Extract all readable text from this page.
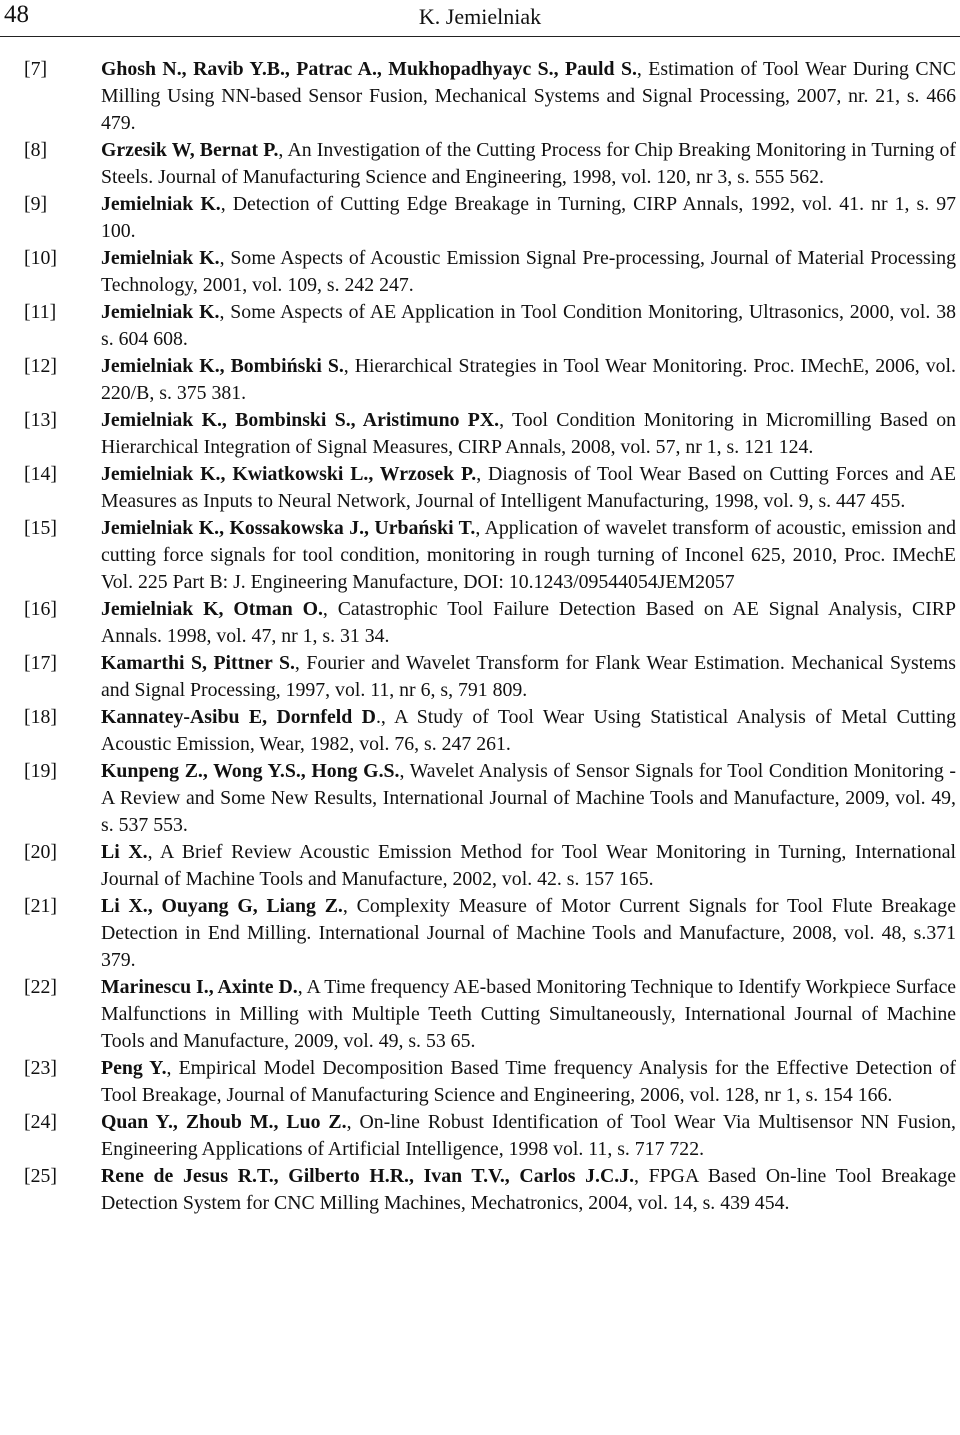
48	K. Jemielniak
[7]	Ghosh N., Ravib Y.B., Patrac A., Mukhopadhyayc S., Pauld S., Estimation of Tool Wear During CNC Milling Using NN-based Sensor Fusion, Mechanical Systems and Signal Processing, 2007, nr. 21, s. 466 479.
[8]	Grzesik W, Bernat P., An Investigation of the Cutting Process for Chip Breaking Monitoring in Turning of Steels. Journal of Manufacturing Science and Engineering, 1998, vol. 120, nr 3, s. 555 562.
[9]	Jemielniak K., Detection of Cutting Edge Breakage in Turning, CIRP Annals, 1992, vol. 41. nr 1, s. 97 100.
[10]	Jemielniak K., Some Aspects of Acoustic Emission Signal Pre-processing, Journal of Material Processing Technology, 2001, vol. 109, s. 242 247.
[11]	Jemielniak K., Some Aspects of AE Application in Tool Condition Monitoring, Ultrasonics, 2000, vol. 38 s. 604 608.
[12]	Jemielniak K., Bombiński S., Hierarchical Strategies in Tool Wear Monitoring. Proc. IMechE, 2006, vol. 220/B, s. 375 381.
[13]	Jemielniak K., Bombinski S., Aristimuno PX., Tool Condition Monitoring in Micromilling Based on Hierarchical Integration of Signal Measures, CIRP Annals, 2008, vol. 57, nr 1, s. 121 124.
[14]	Jemielniak K., Kwiatkowski L., Wrzosek P., Diagnosis of Tool Wear Based on Cutting Forces and AE Measures as Inputs to Neural Network, Journal of Intelligent Manufacturing, 1998, vol. 9, s. 447 455.
[15]	Jemielniak K., Kossakowska J., Urbański T., Application of wavelet transform of acoustic, emission and cutting force signals for tool condition, monitoring in rough turning of Inconel 625, 2010, Proc. IMechE Vol. 225 Part B: J. Engineering Manufacture, DOI: 10.1243/09544054JEM2057
[16]	Jemielniak K, Otman O., Catastrophic Tool Failure Detection Based on AE Signal Analysis, CIRP Annals. 1998, vol. 47, nr 1, s. 31 34.
[17]	Kamarthi S, Pittner S., Fourier and Wavelet Transform for Flank Wear Estimation. Mechanical Systems and Signal Processing, 1997, vol. 11, nr 6, s, 791 809.
[18]	Kannatey-Asibu E, Dornfeld D., A Study of Tool Wear Using Statistical Analysis of Metal Cutting Acoustic Emission, Wear, 1982, vol. 76, s. 247 261.
[19]	Kunpeng Z., Wong Y.S., Hong G.S., Wavelet Analysis of Sensor Signals for Tool Condition Monitoring - A Review and Some New Results, International Journal of Machine Tools and Manufacture, 2009, vol. 49, s. 537 553.
[20]	Li X., A Brief Review Acoustic Emission Method for Tool Wear Monitoring in Turning, International Journal of Machine Tools and Manufacture, 2002, vol. 42. s. 157 165.
[21]	Li X., Ouyang G, Liang Z., Complexity Measure of Motor Current Signals for Tool Flute Breakage Detection in End Milling. International Journal of Machine Tools and Manufacture, 2008, vol. 48, s.371 379.
[22]	Marinescu I., Axinte D., A Time frequency AE-based Monitoring Technique to Identify Workpiece Surface Malfunctions in Milling with Multiple Teeth Cutting Simultaneously, International Journal of Machine Tools and Manufacture, 2009, vol. 49, s. 53 65.
[23]	Peng Y., Empirical Model Decomposition Based Time frequency Analysis for the Effective Detection of Tool Breakage, Journal of Manufacturing Science and Engineering, 2006, vol. 128, nr 1, s. 154 166.
[24]	Quan Y., Zhoub M., Luo Z., On-line Robust Identification of Tool Wear Via Multisensor NN Fusion, Engineering Applications of Artificial Intelligence, 1998 vol. 11, s. 717 722.
[25]	Rene de Jesus R.T., Gilberto H.R., Ivan T.V., Carlos J.C.J., FPGA Based On-line Tool Breakage Detection System for CNC Milling Machines, Mechatronics, 2004, vol. 14, s. 439 454.
